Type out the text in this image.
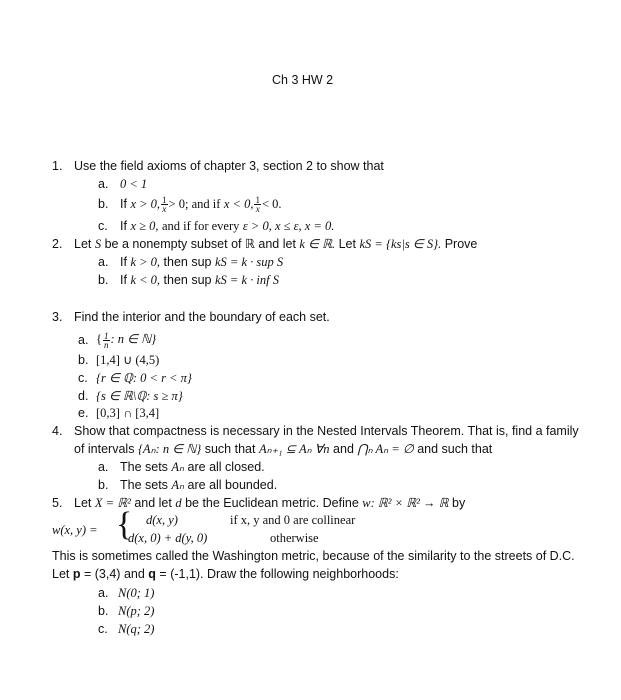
Ch 3 HW 2
1. Use the field axioms of chapter 3, section 2 to show that
a. 0 < 1
b. If x > 0, $\frac{1}{x} > 0$; and if x < 0, $\frac{1}{x} < 0$.
c. If x ≥ 0, and if for every ε > 0, x ≤ ε, x = 0.
2. Let S be a nonempty subset of ℝ and let k ∈ ℝ. Let kS = {ks|s ∈ S}. Prove
a. If k > 0, then sup kS = k · sup S
b. If k < 0, then sup kS = k · inf S
3. Find the interior and the boundary of each set.
a. { $\frac{1}{n}$ : n ∈ ℕ}
b. [1,4] ∪ (4,5)
c. {r ∈ ℚ: 0 < r < π}
d. {s ∈ ℝ\ℚ: s ≥ π}
e. [0,3] ∩ [3,4]
4. Show that compactness is necessary in the Nested Intervals Theorem. That is, find a family
of intervals {Aₙ: n ∈ ℕ} such that Aₙ₊₁ ⊆ Aₙ ∀n and ⋂ₙ Aₙ = ∅ and such that
a. The sets Aₙ are all closed.
b. The sets Aₙ are all bounded.
5. Let X = ℝ² and let d be the Euclidean metric. Define w: ℝ² × ℝ² → ℝ by
w(x, y) = { d(x, y)	if x, y and 0 are collinear
d(x, 0) + d(y, 0)	otherwise
This is sometimes called the Washington metric, because of the similarity to the streets of D.C.
Let p = (3,4) and q = (-1,1). Draw the following neighborhoods:
a. N(0; 1)
b. N(p; 2)
c. N(q; 2)
